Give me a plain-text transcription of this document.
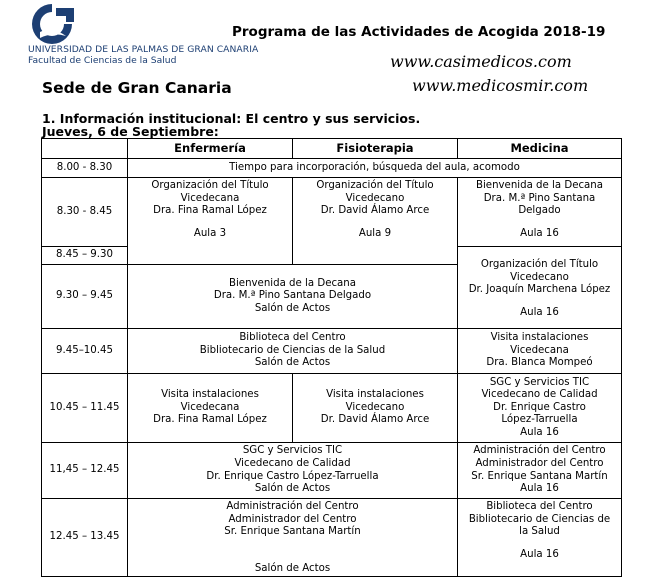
UNIVERSIDAD DE LAS PALMAS DE GRAN CANARIA
Facultad de Ciencias de la Salud
Programa de las Actividades de Acogida 2018-19
www.casimedicos.com
www.medicosmir.com
Sede de Gran Canaria
1. Información institucional: El centro y sus servicios.
Jueves, 6 de Septiembre:
	Enfermería	Fisioterapia	Medicina
8.00 - 8.30	Tiempo para incorporación, búsqueda del aula, acomodo		
8.30 - 8.45	Organización del Título
Vicedecana
Dra. Fina Ramal López
Aula 3	Organización del Título
Vicedecano
Dr. David Álamo Arce
Aula 9	Bienvenida de la Decana
Dra. M.ª Pino Santana
Delgado
Aula 16

8.45 – 9.30			Organización del Título
Vicedecano
Dr. Joaquín Marchena López
Aula 16

9.30 – 9.45	Bienvenida de la Decana
Dra. M.ª Pino Santana Delgado
Salón de Actos		

9.45–10.45	Biblioteca del Centro
Bibliotecario de Ciencias de la Salud
Salón de Actos		Visita instalaciones
Vicedecana
Dra. Blanca Mompeó

10.45 – 11.45	Visita instalaciones
Vicedecana
Dra. Fina Ramal López	Visita instalaciones
Vicedecano
Dr. David Álamo Arce	SGC y Servicios TIC
Vicedecano de Calidad
Dr. Enrique Castro
López-Tarruella
Aula 16

11,45 – 12.45	SGC y Servicios TIC
Vicedecano de Calidad
Dr. Enrique Castro López-Tarruella
Salón de Actos		Administración del Centro
Administrador del Centro
Sr. Enrique Santana Martín
Aula 16

12.45 – 13.45	Administración del Centro
Administrador del Centro
Sr. Enrique Santana Martín
Salón de Actos		Biblioteca del Centro
Bibliotecario de Ciencias de
la Salud
Aula 16
